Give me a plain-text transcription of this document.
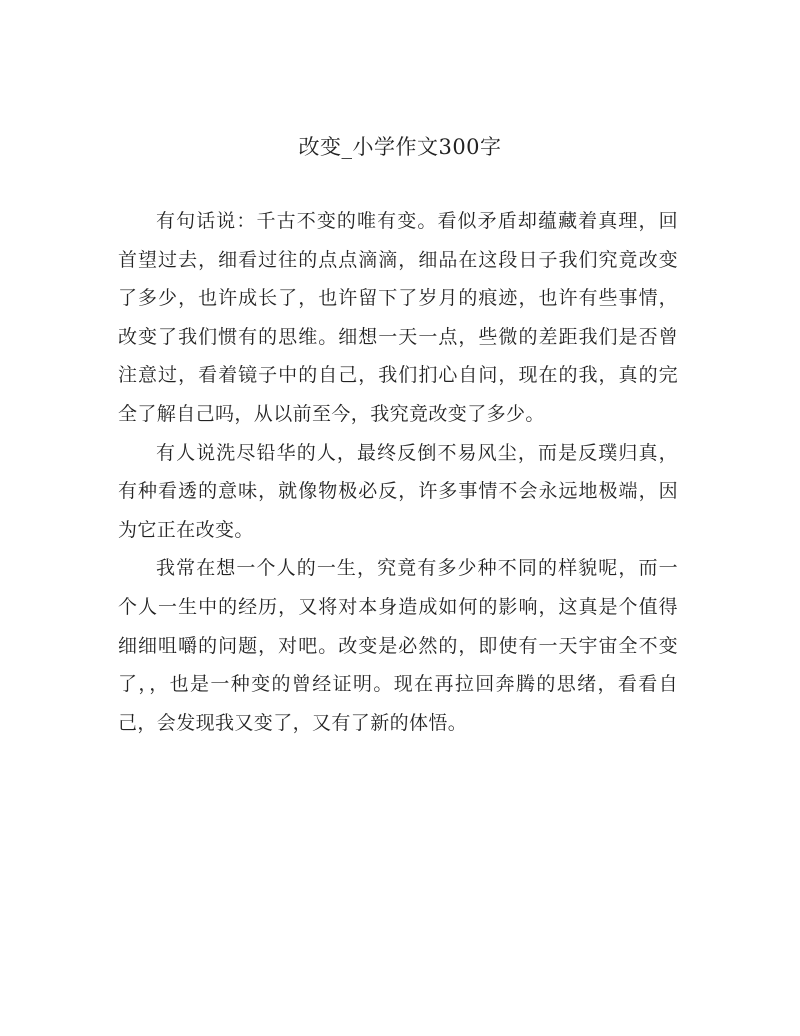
改变_小学作文300字

有句话说：千古不变的唯有变。看似矛盾却蕴藏着真理，回首望过去，细看过往的点点滴滴，细品在这段日子我们究竟改变了多少，也许成长了，也许留下了岁月的痕迹，也许有些事情，改变了我们惯有的思维。细想一天一点，些微的差距我们是否曾注意过，看着镜子中的自己，我们扪心自问，现在的我，真的完全了解自己吗，从以前至今，我究竟改变了多少。

有人说洗尽铅华的人，最终反倒不易风尘，而是反璞归真，有种看透的意味，就像物极必反，许多事情不会永远地极端，因为它正在改变。

我常在想一个人的一生，究竟有多少种不同的样貌呢，而一个人一生中的经历，又将对本身造成如何的影响，这真是个值得细细咀嚼的问题，对吧。改变是必然的，即使有一天宇宙全不变了，，也是一种变的曾经证明。现在再拉回奔腾的思绪，看看自己，会发现我又变了，又有了新的体悟。
